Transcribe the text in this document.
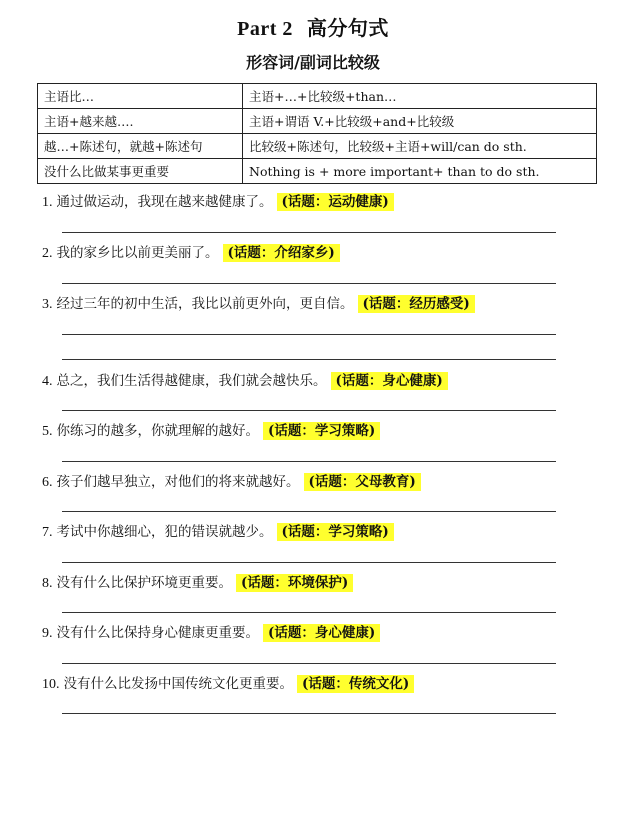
Part 2 高分句式
形容词/副词比较级
主语比…	主语+…+比较级+than…
主语+越来越….	主语+谓语 V.+比较级+and+比较级
越…+陈述句，就越+陈述句	比较级+陈述句，比较级+主语+will/can do sth.
没什么比做某事更重要	Nothing is + more important+ than to do sth.
1. 通过做运动，我现在越来越健康了。 (话题：运动健康)
2. 我的家乡比以前更美丽了。 (话题：介绍家乡)
3. 经过三年的初中生活，我比以前更外向，更自信。 (话题：经历感受)
4. 总之，我们生活得越健康，我们就会越快乐。 (话题：身心健康)
5. 你练习的越多，你就理解的越好。 (话题：学习策略)
6. 孩子们越早独立，对他们的将来就越好。 (话题：父母教育)
7. 考试中你越细心，犯的错误就越少。 (话题：学习策略)
8. 没有什么比保护环境更重要。 (话题：环境保护)
9. 没有什么比保持身心健康更重要。 (话题：身心健康)
10. 没有什么比发扬中国传统文化更重要。 (话题：传统文化)
